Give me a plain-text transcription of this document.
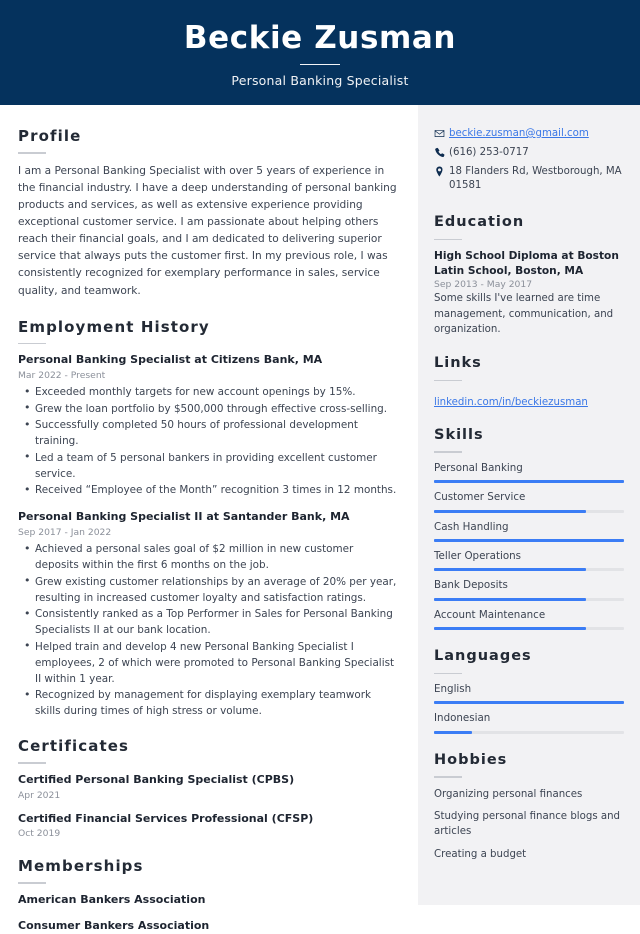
Beckie Zusman
Personal Banking Specialist
Profile
I am a Personal Banking Specialist with over 5 years of experience in the financial industry. I have a deep understanding of personal banking products and services, as well as extensive experience providing exceptional customer service. I am passionate about helping others reach their financial goals, and I am dedicated to delivering superior service that always puts the customer first. In my previous role, I was consistently recognized for exemplary performance in sales, service quality, and teamwork.
Employment History
Personal Banking Specialist at Citizens Bank, MA
Mar 2022 - Present
• Exceeded monthly targets for new account openings by 15%.
• Grew the loan portfolio by $500,000 through effective cross-selling.
• Successfully completed 50 hours of professional development training.
• Led a team of 5 personal bankers in providing excellent customer service.
• Received “Employee of the Month” recognition 3 times in 12 months.
Personal Banking Specialist II at Santander Bank, MA
Sep 2017 - Jan 2022
• Achieved a personal sales goal of $2 million in new customer deposits within the first 6 months on the job.
• Grew existing customer relationships by an average of 20% per year, resulting in increased customer loyalty and satisfaction ratings.
• Consistently ranked as a Top Performer in Sales for Personal Banking Specialists II at our bank location.
• Helped train and develop 4 new Personal Banking Specialist I employees, 2 of which were promoted to Personal Banking Specialist II within 1 year.
• Recognized by management for displaying exemplary teamwork skills during times of high stress or volume.
Certificates
Certified Personal Banking Specialist (CPBS)
Apr 2021
Certified Financial Services Professional (CFSP)
Oct 2019
Memberships
American Bankers Association
Consumer Bankers Association
beckie.zusman@gmail.com
(616) 253-0717
18 Flanders Rd, Westborough, MA 01581
Education
High School Diploma at Boston Latin School, Boston, MA
Sep 2013 - May 2017
Some skills I've learned are time management, communication, and organization.
Links
linkedin.com/in/beckiezusman
Skills
Personal Banking
Customer Service
Cash Handling
Teller Operations
Bank Deposits
Account Maintenance
Languages
English
Indonesian
Hobbies
Organizing personal finances
Studying personal finance blogs and articles
Creating a budget
